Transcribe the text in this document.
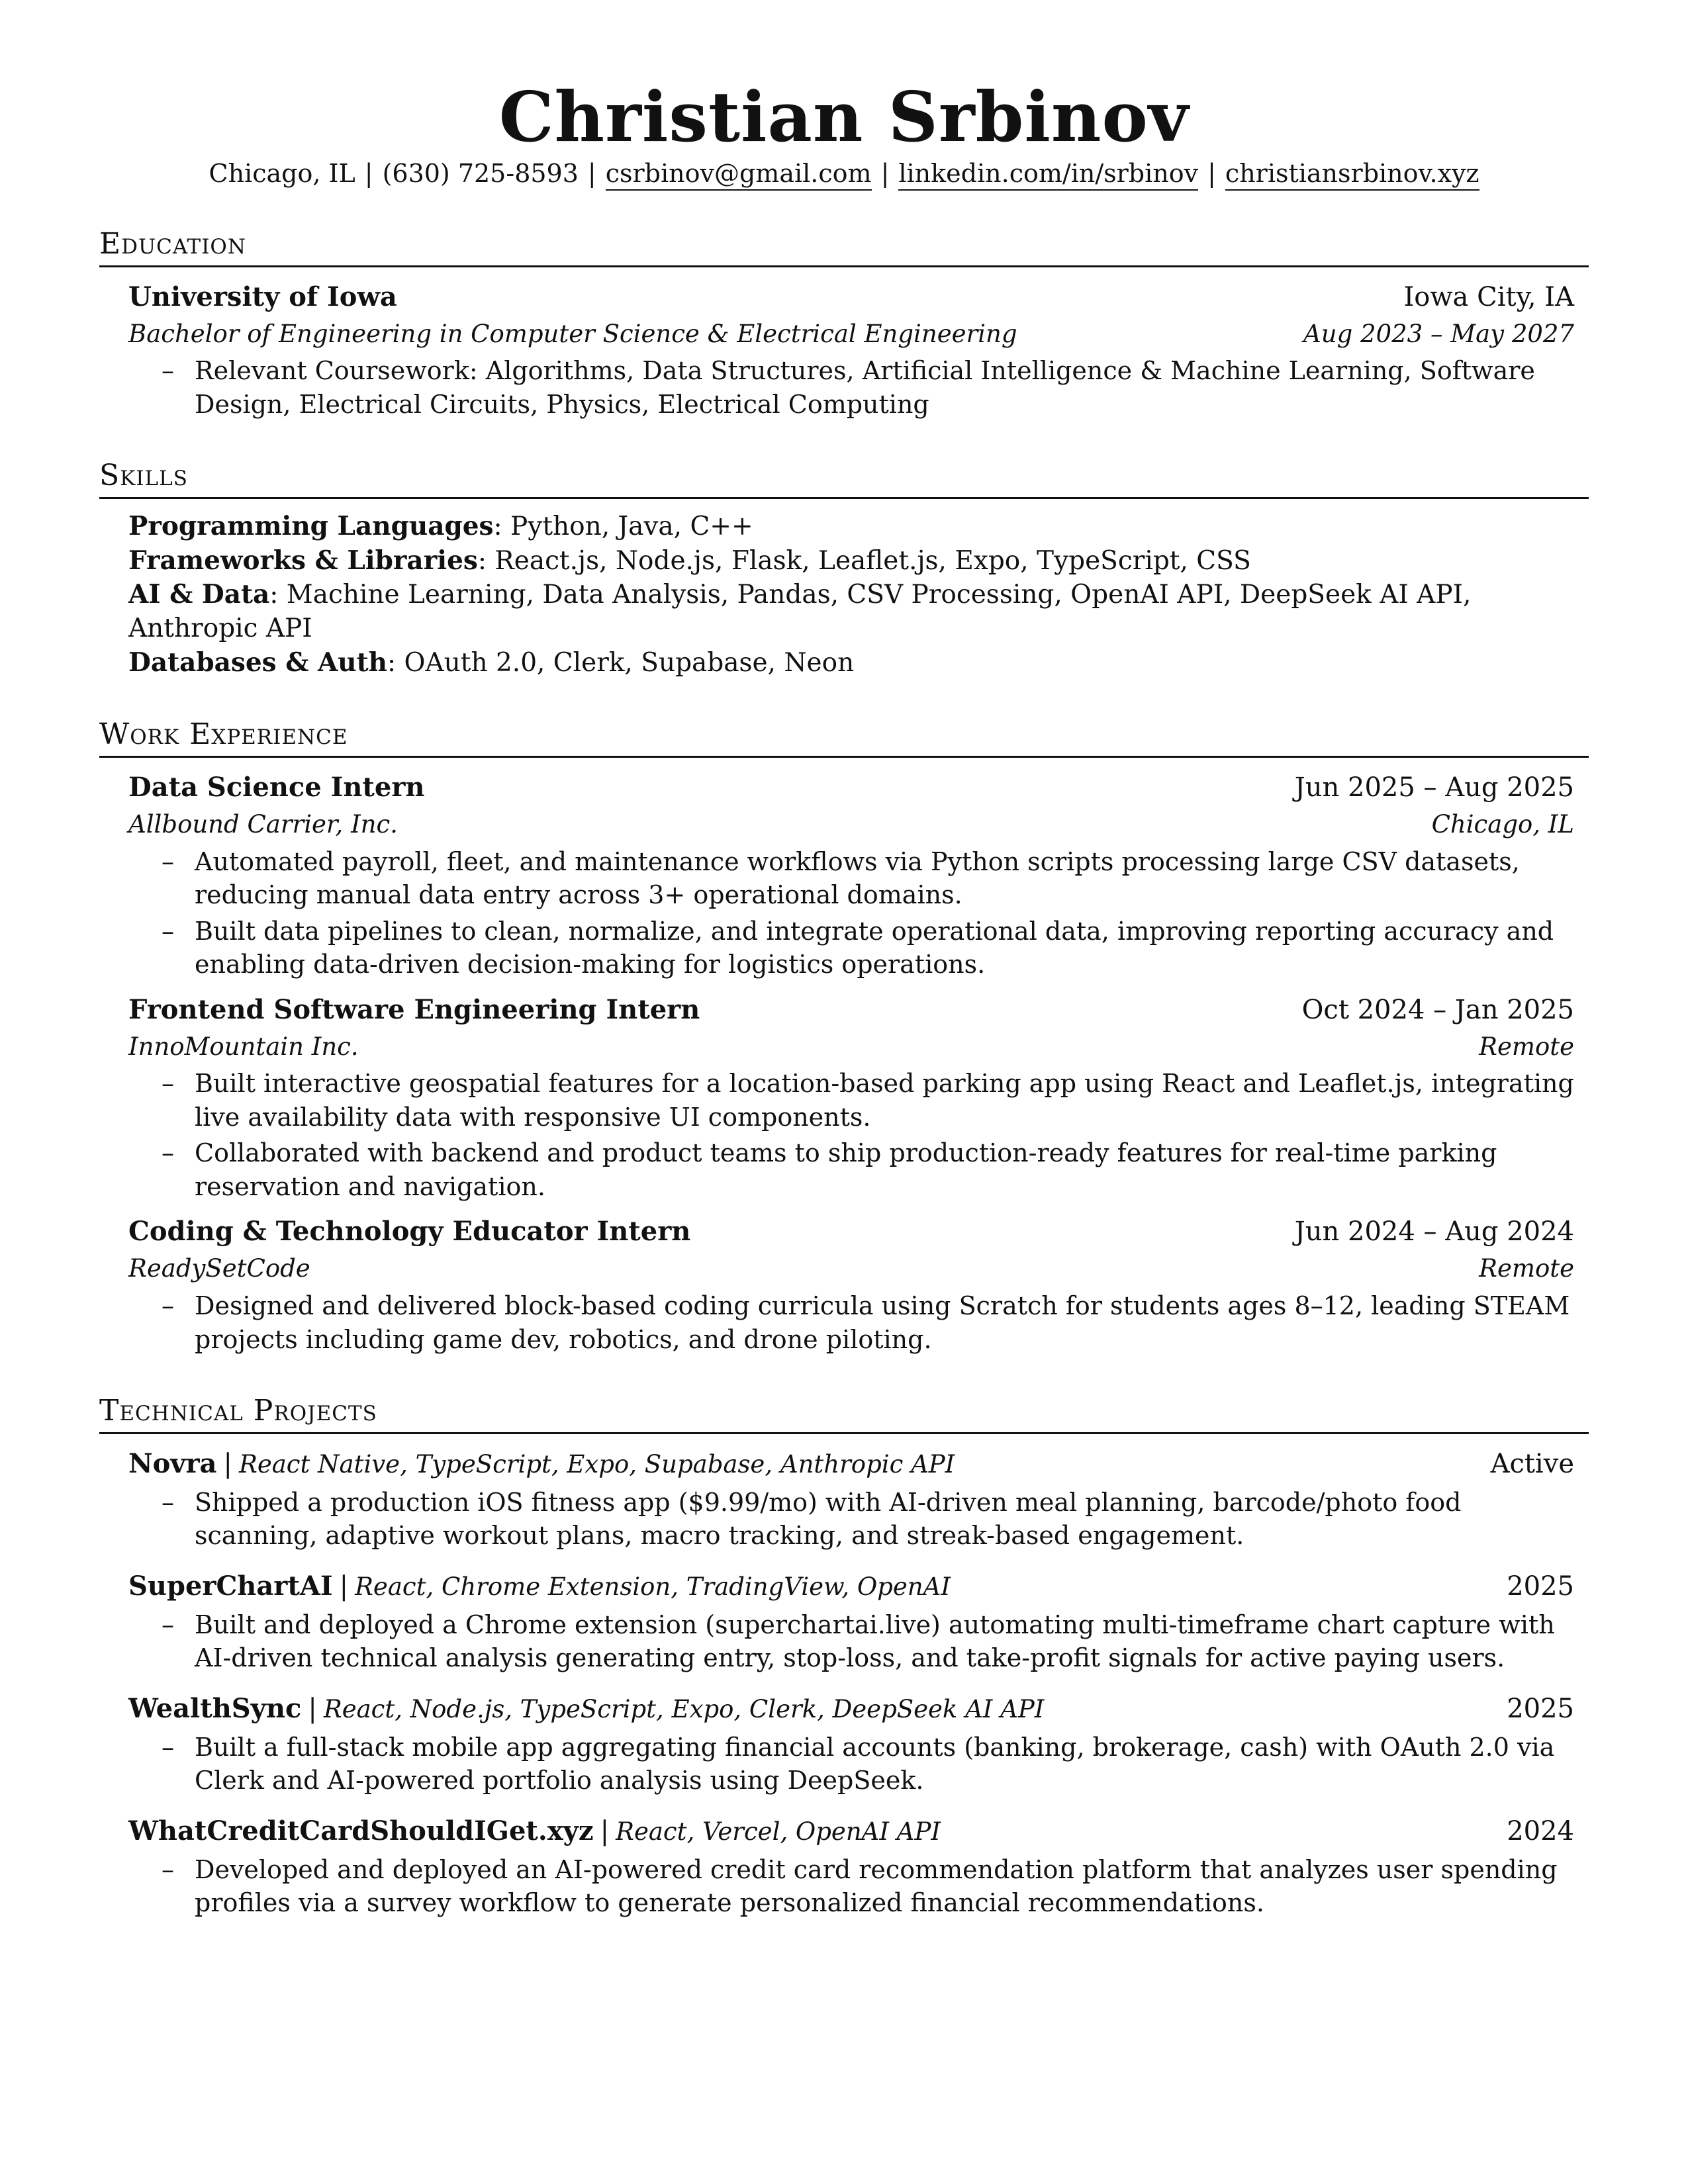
Christian Srbinov
Chicago, IL | (630) 725-8593 | csrbinov@gmail.com | linkedin.com/in/srbinov | christiansrbinov.xyz
Education
University of Iowa	Iowa City, IA
Bachelor of Engineering in Computer Science & Electrical Engineering	Aug 2023 – May 2027
– Relevant Coursework: Algorithms, Data Structures, Artificial Intelligence & Machine Learning, Software Design, Electrical Circuits, Physics, Electrical Computing
Skills
Programming Languages: Python, Java, C++
Frameworks & Libraries: React.js, Node.js, Flask, Leaflet.js, Expo, TypeScript, CSS
AI & Data: Machine Learning, Data Analysis, Pandas, CSV Processing, OpenAI API, DeepSeek AI API, Anthropic API
Databases & Auth: OAuth 2.0, Clerk, Supabase, Neon
Work Experience
Data Science Intern	Jun 2025 – Aug 2025
Allbound Carrier, Inc.	Chicago, IL
– Automated payroll, fleet, and maintenance workflows via Python scripts processing large CSV datasets, reducing manual data entry across 3+ operational domains.
– Built data pipelines to clean, normalize, and integrate operational data, improving reporting accuracy and enabling data-driven decision-making for logistics operations.
Frontend Software Engineering Intern	Oct 2024 – Jan 2025
InnoMountain Inc.	Remote
– Built interactive geospatial features for a location-based parking app using React and Leaflet.js, integrating live availability data with responsive UI components.
– Collaborated with backend and product teams to ship production-ready features for real-time parking reservation and navigation.
Coding & Technology Educator Intern	Jun 2024 – Aug 2024
ReadySetCode	Remote
– Designed and delivered block-based coding curricula using Scratch for students ages 8–12, leading STEAM projects including game dev, robotics, and drone piloting.
Technical Projects
Novra | React Native, TypeScript, Expo, Supabase, Anthropic API	Active
– Shipped a production iOS fitness app ($9.99/mo) with AI-driven meal planning, barcode/photo food scanning, adaptive workout plans, macro tracking, and streak-based engagement.
SuperChartAI | React, Chrome Extension, TradingView, OpenAI	2025
– Built and deployed a Chrome extension (superchartai.live) automating multi-timeframe chart capture with AI-driven technical analysis generating entry, stop-loss, and take-profit signals for active paying users.
WealthSync | React, Node.js, TypeScript, Expo, Clerk, DeepSeek AI API	2025
– Built a full-stack mobile app aggregating financial accounts (banking, brokerage, cash) with OAuth 2.0 via Clerk and AI-powered portfolio analysis using DeepSeek.
WhatCreditCardShouldIGet.xyz | React, Vercel, OpenAI API	2024
– Developed and deployed an AI-powered credit card recommendation platform that analyzes user spending profiles via a survey workflow to generate personalized financial recommendations.
